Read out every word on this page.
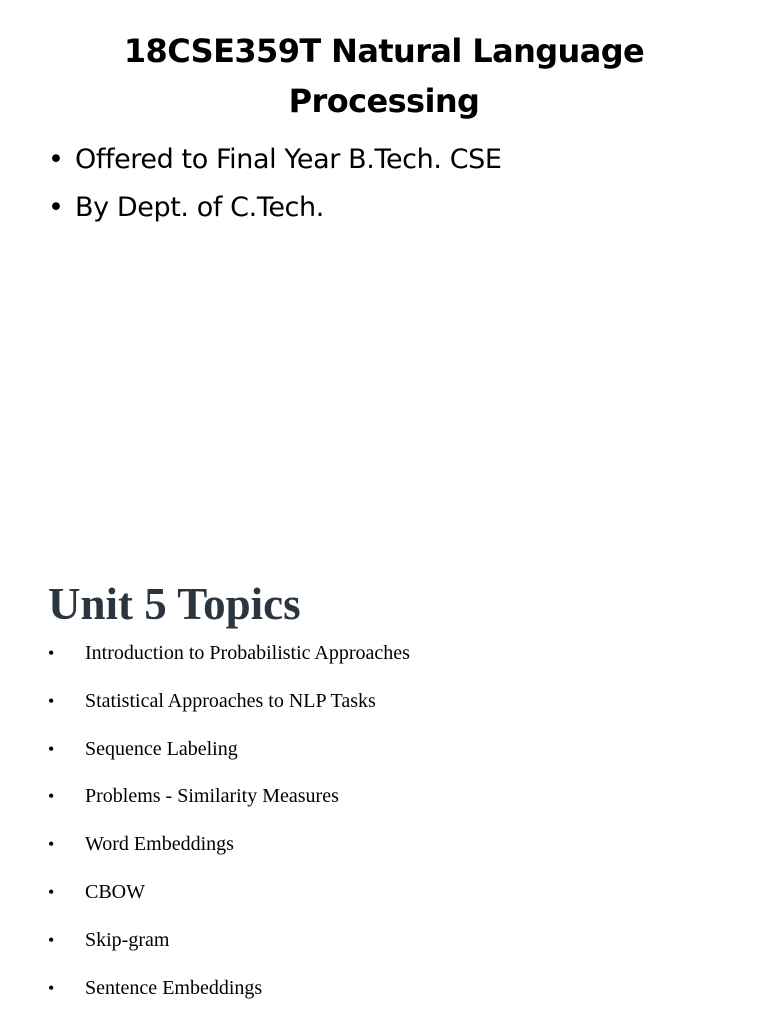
18CSE359T Natural Language
Processing
• Offered to Final Year B.Tech. CSE
• By Dept. of C.Tech.
Unit 5 Topics
• Introduction to Probabilistic Approaches
• Statistical Approaches to NLP Tasks
• Sequence Labeling
• Problems - Similarity Measures
• Word Embeddings
• CBOW
• Skip-gram
• Sentence Embeddings
